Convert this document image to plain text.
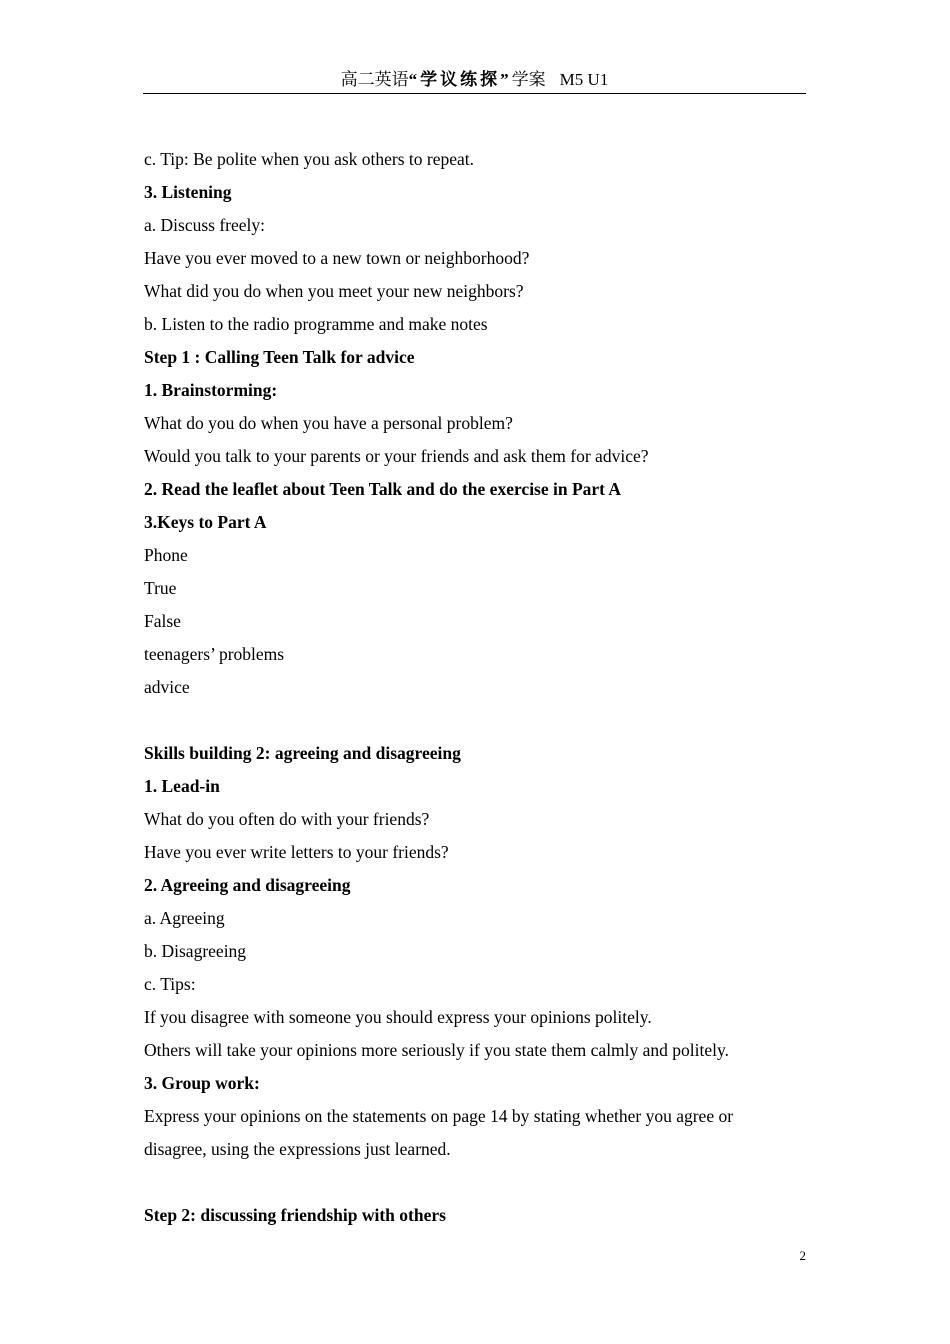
高二英语“学议练探”学案 M5 U1
c. Tip: Be polite when you ask others to repeat.
3. Listening
a. Discuss freely:
Have you ever moved to a new town or neighborhood?
What did you do when you meet your new neighbors?
b. Listen to the radio programme and make notes
Step 1 : Calling Teen Talk for advice
1. Brainstorming:
What do you do when you have a personal problem?
Would you talk to your parents or your friends and ask them for advice?
2. Read the leaflet about Teen Talk and do the exercise in Part A
3.Keys to Part A
Phone
True
False
teenagers’ problems
advice
Skills building 2: agreeing and disagreeing
1. Lead-in
What do you often do with your friends?
Have you ever write letters to your friends?
2. Agreeing and disagreeing
a. Agreeing
b. Disagreeing
c. Tips:
If you disagree with someone you should express your opinions politely.
Others will take your opinions more seriously if you state them calmly and politely.
3. Group work:
Express your opinions on the statements on page 14 by stating whether you agree or
disagree, using the expressions just learned.
Step 2: discussing friendship with others
2
